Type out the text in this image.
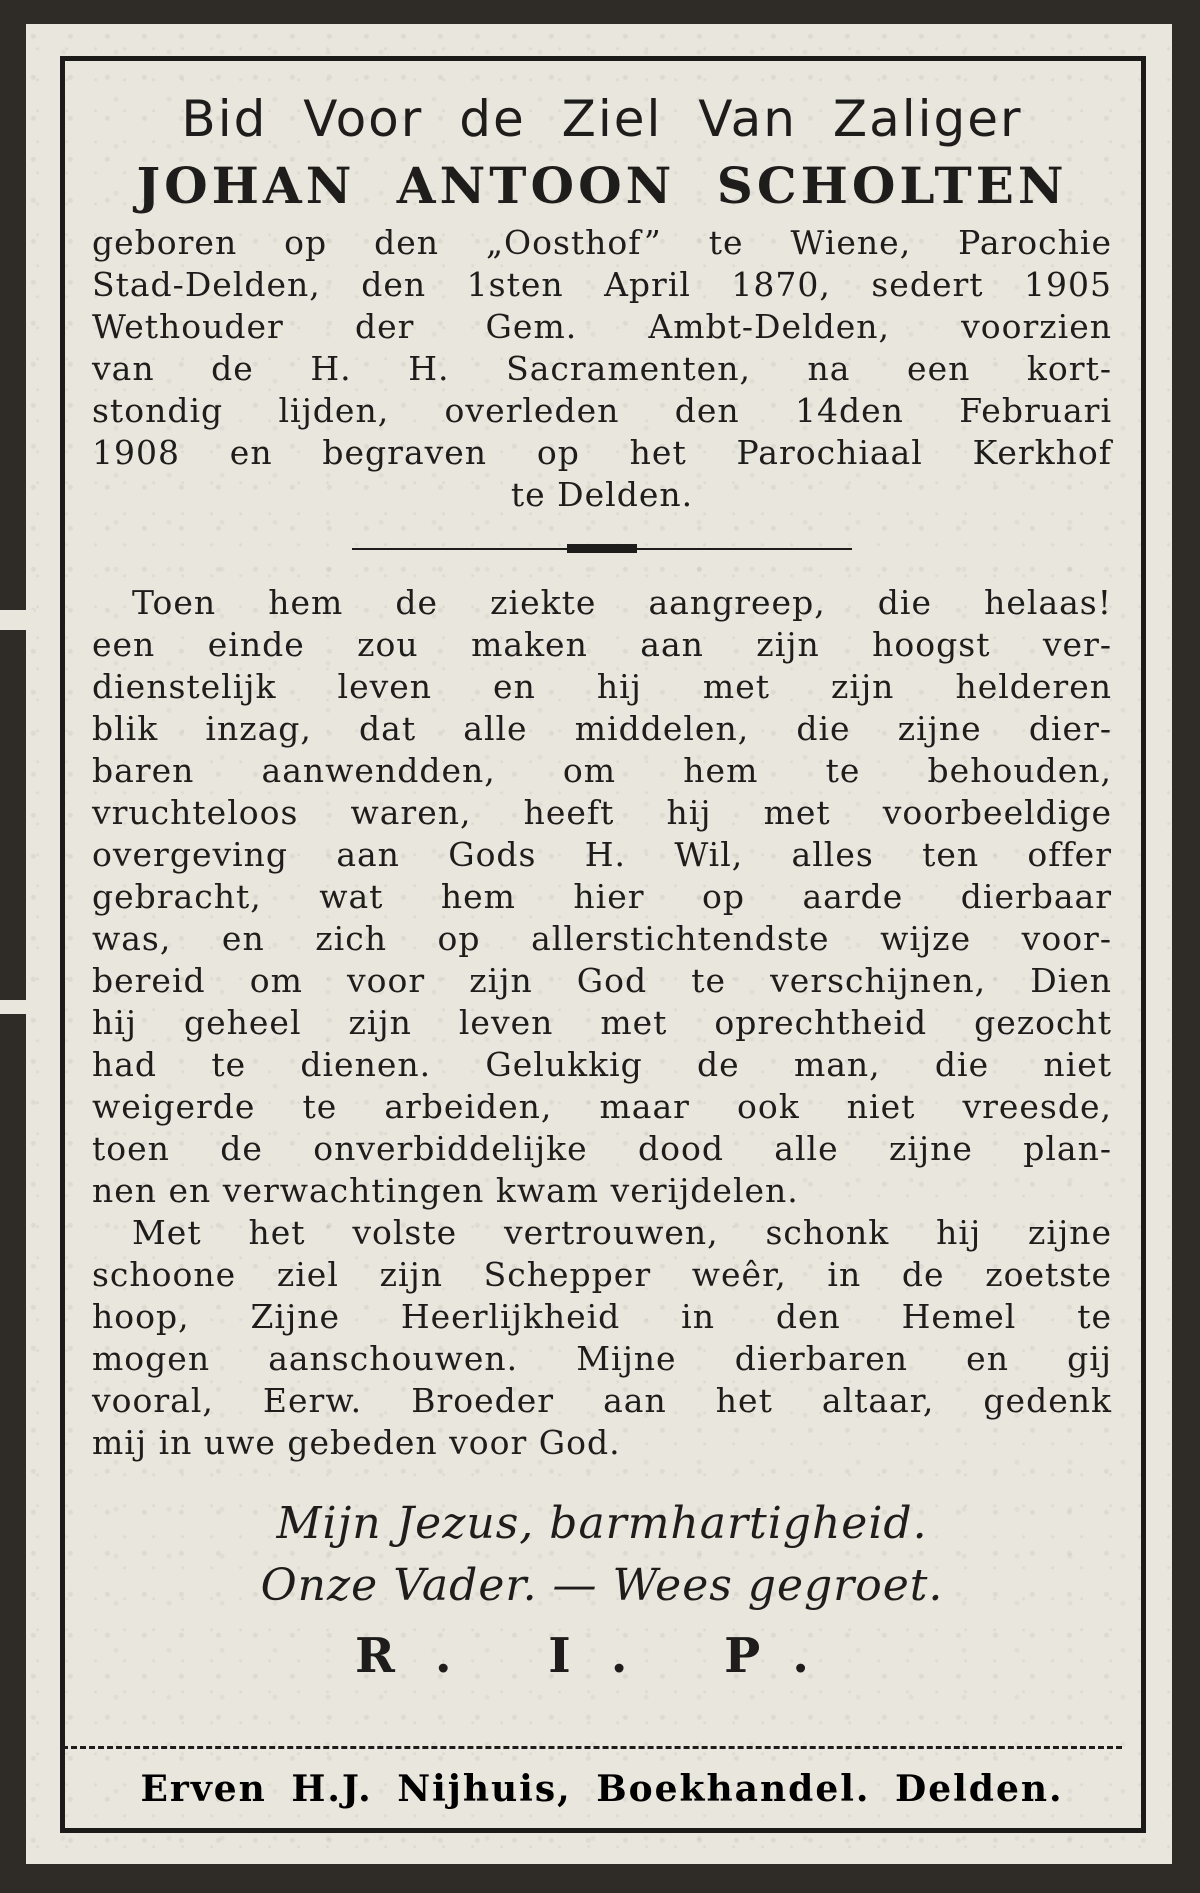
Bid Voor de Ziel Van Zaliger
JOHAN ANTOON SCHOLTEN
geboren op den „Oosthof” te Wiene, Parochie
Stad-Delden, den 1sten April 1870, sedert 1905
Wethouder der Gem. Ambt-Delden, voorzien
van de H. H. Sacramenten, na een kort-
stondig lijden, overleden den 14den Februari
1908 en begraven op het Parochiaal Kerkhof
te Delden.
Toen hem de ziekte aangreep, die helaas!
een einde zou maken aan zijn hoogst ver-
dienstelijk leven en hij met zijn helderen
blik inzag, dat alle middelen, die zijne dier-
baren aanwendden, om hem te behouden,
vruchteloos waren, heeft hij met voorbeeldige
overgeving aan Gods H. Wil, alles ten offer
gebracht, wat hem hier op aarde dierbaar
was, en zich op allerstichtendste wijze voor-
bereid om voor zijn God te verschijnen, Dien
hij geheel zijn leven met oprechtheid gezocht
had te dienen. Gelukkig de man, die niet
weigerde te arbeiden, maar ook niet vreesde,
toen de onverbiddelijke dood alle zijne plan-
nen en verwachtingen kwam verijdelen.
Met het volste vertrouwen, schonk hij zijne
schoone ziel zijn Schepper weêr, in de zoetste
hoop, Zijne Heerlijkheid in den Hemel te
mogen aanschouwen. Mijne dierbaren en gij
vooral, Eerw. Broeder aan het altaar, gedenk
mij in uwe gebeden voor God.
Mijn Jezus, barmhartigheid.
Onze Vader. — Wees gegroet.
R. I. P.
Erven H.J. Nijhuis, Boekhandel. Delden.
